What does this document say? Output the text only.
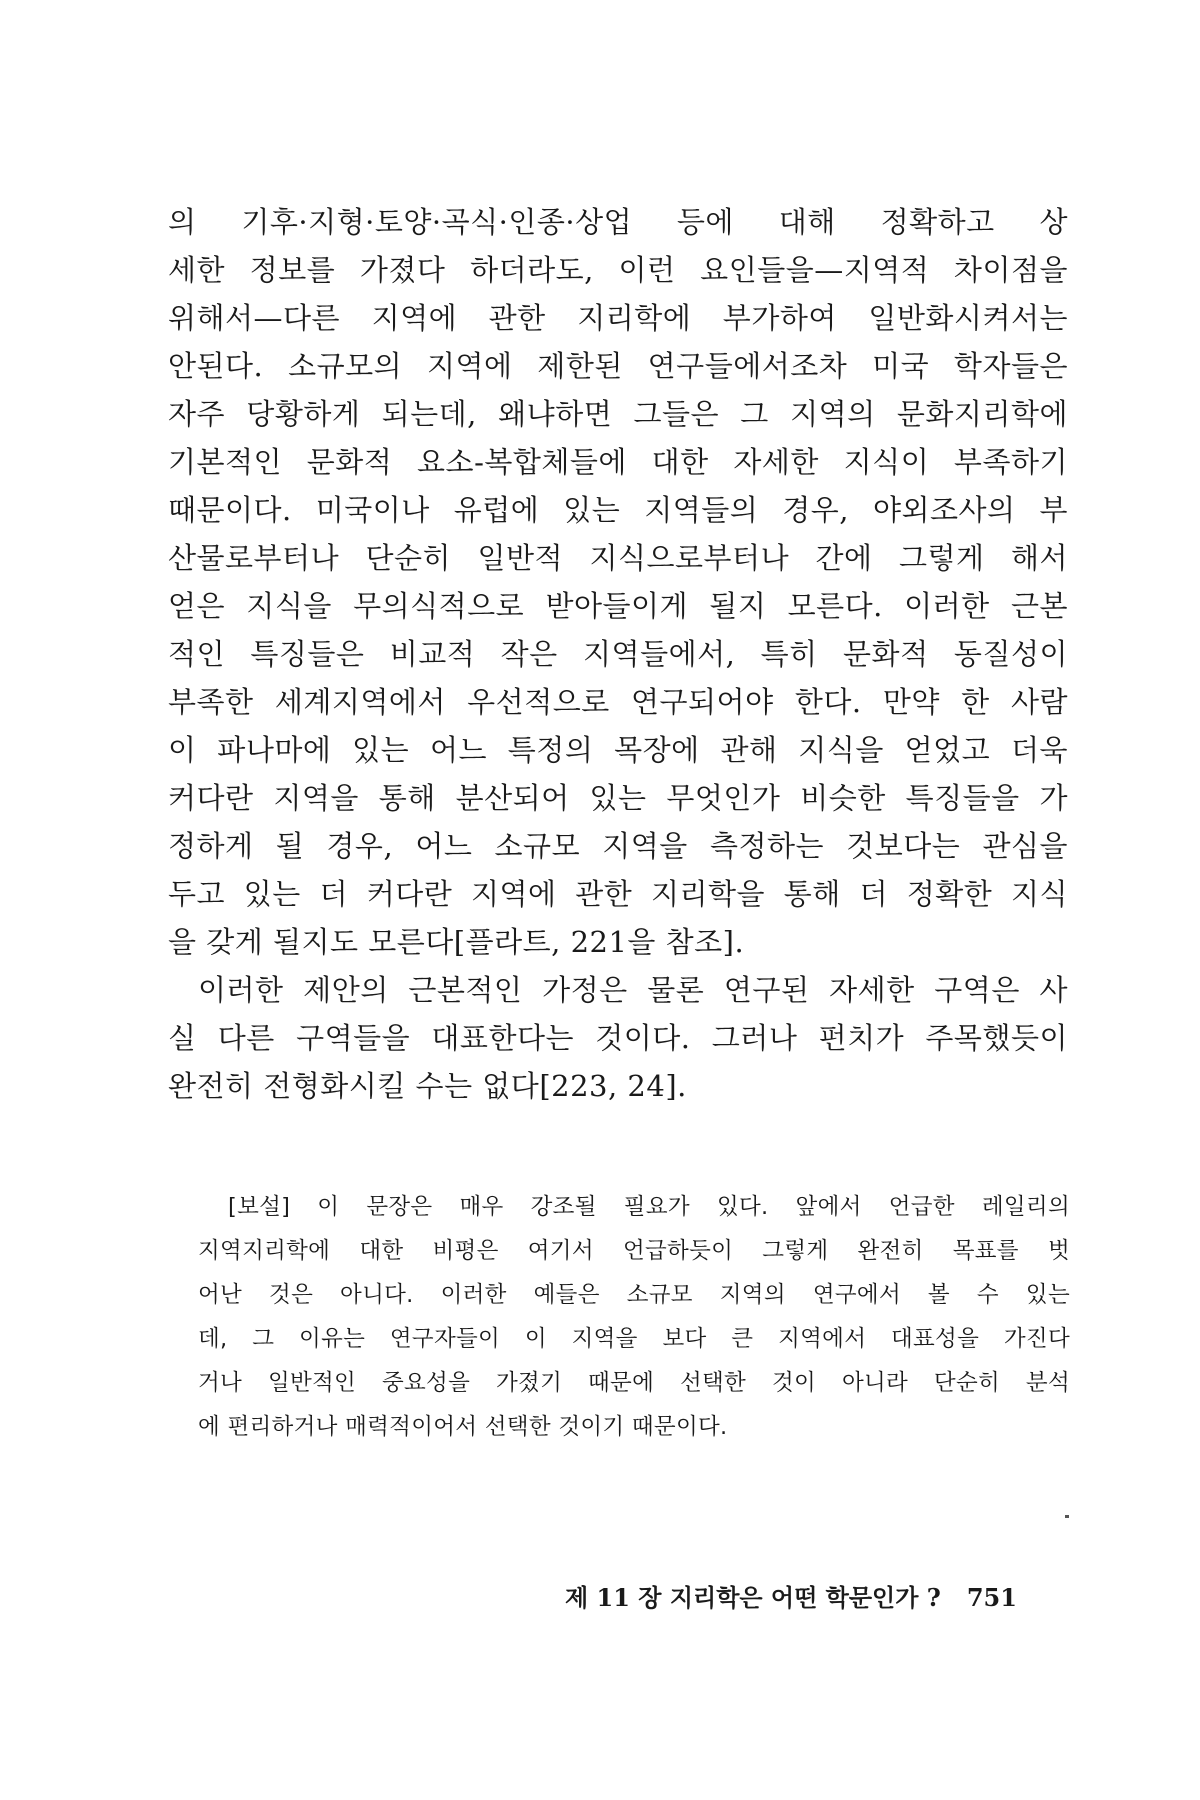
의 기후·지형·토양·곡식·인종·상업 등에 대해 정확하고 상
세한 정보를 가졌다 하더라도, 이런 요인들을—지역적 차이점을
위해서—다른 지역에 관한 지리학에 부가하여 일반화시켜서는
안된다. 소규모의 지역에 제한된 연구들에서조차 미국 학자들은
자주 당황하게 되는데, 왜냐하면 그들은 그 지역의 문화지리학에
기본적인 문화적 요소-복합체들에 대한 자세한 지식이 부족하기
때문이다. 미국이나 유럽에 있는 지역들의 경우, 야외조사의 부
산물로부터나 단순히 일반적 지식으로부터나 간에 그렇게 해서
얻은 지식을 무의식적으로 받아들이게 될지 모른다. 이러한 근본
적인 특징들은 비교적 작은 지역들에서, 특히 문화적 동질성이
부족한 세계지역에서 우선적으로 연구되어야 한다. 만약 한 사람
이 파나마에 있는 어느 특정의 목장에 관해 지식을 얻었고 더욱
커다란 지역을 통해 분산되어 있는 무엇인가 비슷한 특징들을 가
정하게 될 경우, 어느 소규모 지역을 측정하는 것보다는 관심을
두고 있는 더 커다란 지역에 관한 지리학을 통해 더 정확한 지식
을 갖게 될지도 모른다[플라트, 221을 참조].
이러한 제안의 근본적인 가정은 물론 연구된 자세한 구역은 사
실 다른 구역들을 대표한다는 것이다. 그러나 펀치가 주목했듯이
완전히 전형화시킬 수는 없다[223, 24].
[보설] 이 문장은 매우 강조될 필요가 있다. 앞에서 언급한 레일리의
지역지리학에 대한 비평은 여기서 언급하듯이 그렇게 완전히 목표를 벗
어난 것은 아니다. 이러한 예들은 소규모 지역의 연구에서 볼 수 있는
데, 그 이유는 연구자들이 이 지역을 보다 큰 지역에서 대표성을 가진다
거나 일반적인 중요성을 가졌기 때문에 선택한 것이 아니라 단순히 분석
에 편리하거나 매력적이어서 선택한 것이기 때문이다.
제 11 장 지리학은 어떤 학문인가 ? 751
